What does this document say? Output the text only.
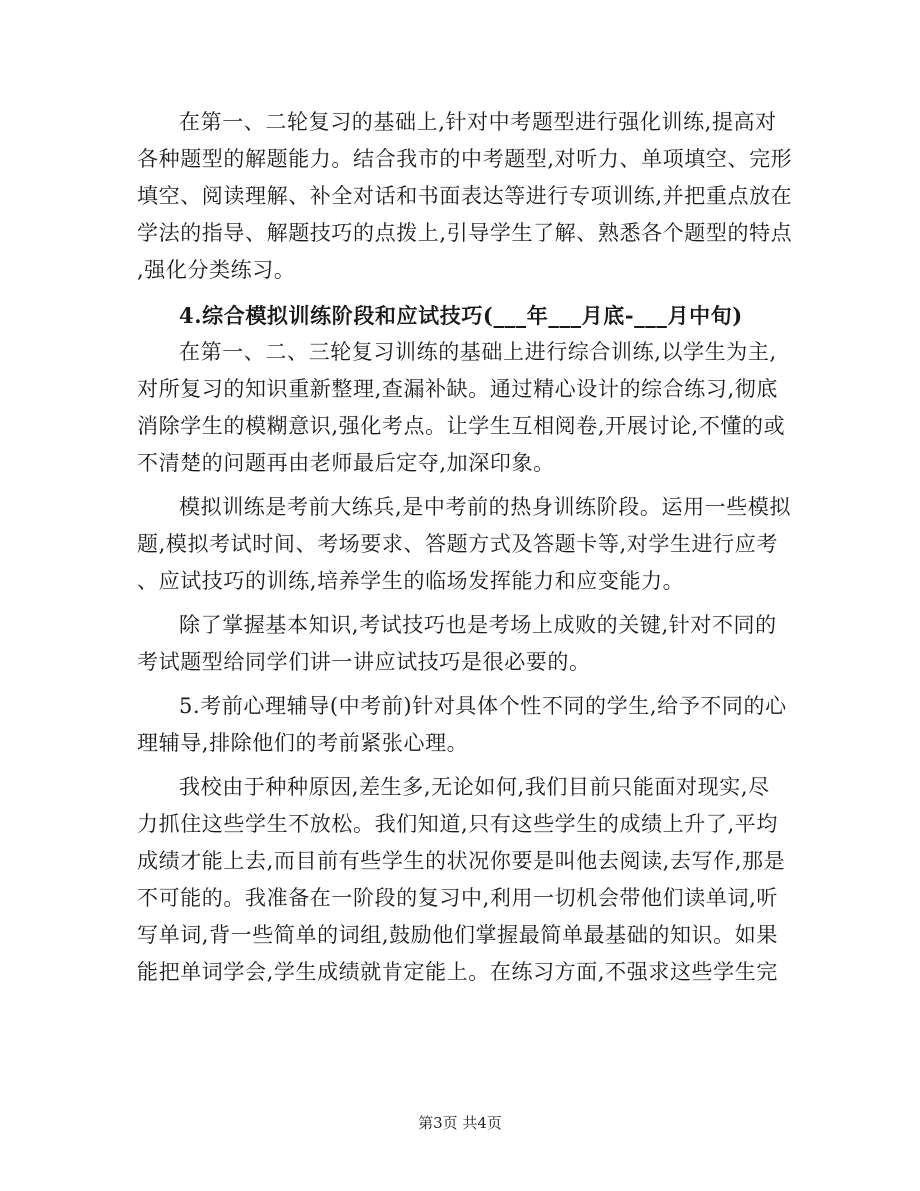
在第一、二轮复习的基础上,针对中考题型进行强化训练,提高对
各种题型的解题能力。结合我市的中考题型,对听力、单项填空、完形
填空、阅读理解、补全对话和书面表达等进行专项训练,并把重点放在
学法的指导、解题技巧的点拨上,引导学生了解、熟悉各个题型的特点
,强化分类练习。
4.综合模拟训练阶段和应试技巧(___年___月底-___月中旬)
在第一、二、三轮复习训练的基础上进行综合训练,以学生为主,
对所复习的知识重新整理,查漏补缺。通过精心设计的综合练习,彻底
消除学生的模糊意识,强化考点。让学生互相阅卷,开展讨论,不懂的或
不清楚的问题再由老师最后定夺,加深印象。
模拟训练是考前大练兵,是中考前的热身训练阶段。运用一些模拟
题,模拟考试时间、考场要求、答题方式及答题卡等,对学生进行应考
、应试技巧的训练,培养学生的临场发挥能力和应变能力。
除了掌握基本知识,考试技巧也是考场上成败的关键,针对不同的
考试题型给同学们讲一讲应试技巧是很必要的。
5.考前心理辅导(中考前)针对具体个性不同的学生,给予不同的心
理辅导,排除他们的考前紧张心理。
我校由于种种原因,差生多,无论如何,我们目前只能面对现实,尽
力抓住这些学生不放松。我们知道,只有这些学生的成绩上升了,平均
成绩才能上去,而目前有些学生的状况你要是叫他去阅读,去写作,那是
不可能的。我准备在一阶段的复习中,利用一切机会带他们读单词,听
写单词,背一些简单的词组,鼓励他们掌握最简单最基础的知识。如果
能把单词学会,学生成绩就肯定能上。在练习方面,不强求这些学生完
第3页 共4页
